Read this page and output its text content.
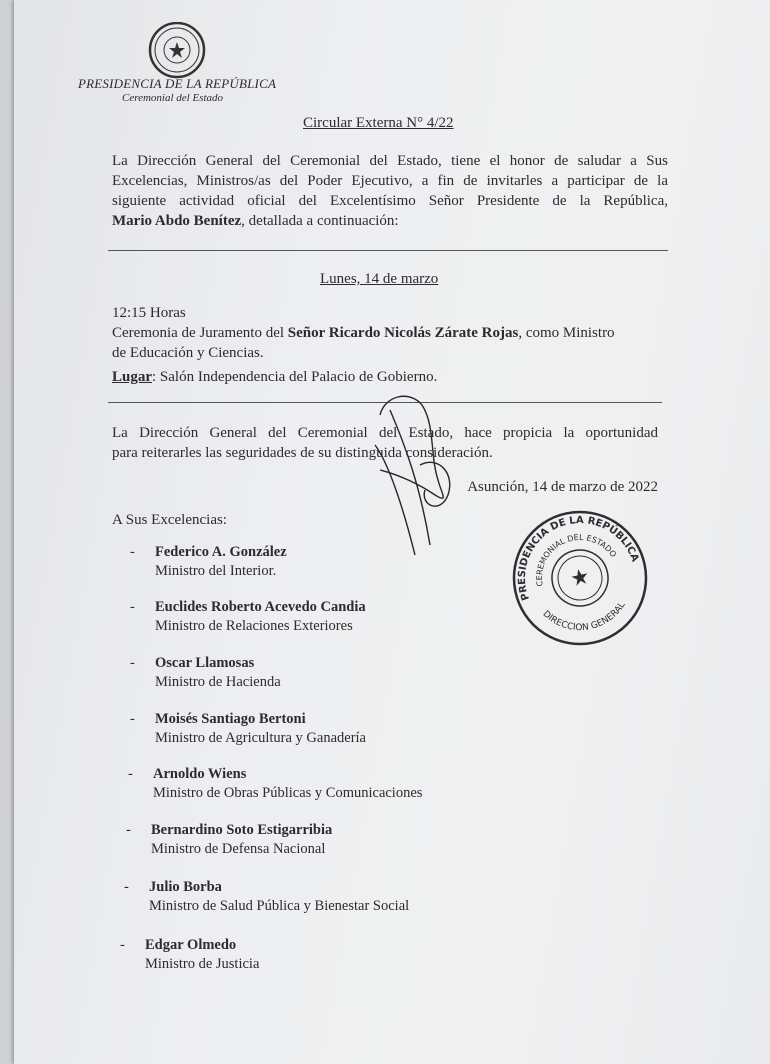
PRESIDENCIA DE LA REPÚBLICA
Ceremonial del Estado
Circular Externa N° 4/22
La Dirección General del Ceremonial del Estado, tiene el honor de saludar a Sus
Excelencias, Ministros/as del Poder Ejecutivo, a fin de invitarles a participar de la
siguiente actividad oficial del Excelentísimo Señor Presidente de la República,
Mario Abdo Benítez, detallada a continuación:
Lunes, 14 de marzo
12:15 Horas
Ceremonia de Juramento del Señor Ricardo Nicolás Zárate Rojas, como Ministro
de Educación y Ciencias.
Lugar: Salón Independencia del Palacio de Gobierno.
La Dirección General del Ceremonial del Estado, hace propicia la oportunidad
para reiterarles las seguridades de su distinguida consideración.
Asunción, 14 de marzo de 2022
A Sus Excelencias:
- Federico A. González
Ministro del Interior.
- Euclides Roberto Acevedo Candia
Ministro de Relaciones Exteriores
- Oscar Llamosas
Ministro de Hacienda
- Moisés Santiago Bertoni
Ministro de Agricultura y Ganadería
- Arnoldo Wiens
Ministro de Obras Públicas y Comunicaciones
- Bernardino Soto Estigarribia
Ministro de Defensa Nacional
- Julio Borba
Ministro de Salud Pública y Bienestar Social
- Edgar Olmedo
Ministro de Justicia
PRESIDENCIA DE LA REPÚBLICA
CEREMONIAL DEL ESTADO
DIRECCION GENERAL
